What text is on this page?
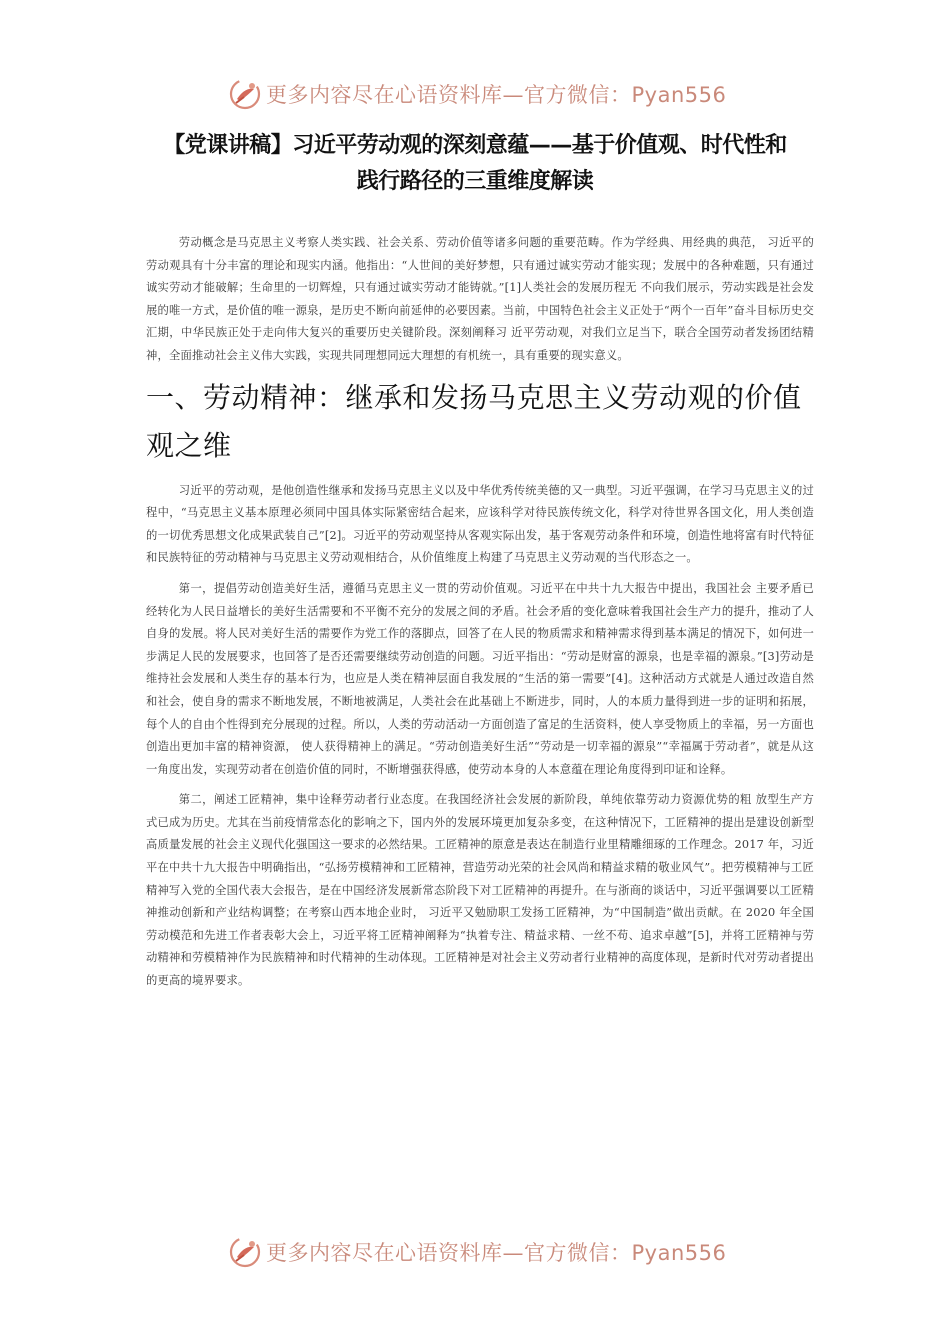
更多内容尽在心语资料库—官方微信：Pyan556
【党课讲稿】习近平劳动观的深刻意蕴——基于价值观、时代性和
践行路径的三重维度解读

劳动概念是马克思主义考察人类实践、社会关系、劳动价值等诸多问题的重要范畴。作为学经典、用经典的典范， 习近平的劳动观具有十分丰富的理论和现实内涵。他指出：“人世间的美好梦想，只有通过诚实劳动才能实现；发展中的各种难题，只有通过诚实劳动才能破解；生命里的一切辉煌，只有通过诚实劳动才能铸就。”[1]人类社会的发展历程无 不向我们展示，劳动实践是社会发展的唯一方式，是价值的唯一源泉，是历史不断向前延伸的必要因素。当前，中国特色社会主义正处于“两个一百年”奋斗目标历史交汇期，中华民族正处于走向伟大复兴的重要历史关键阶段。深刻阐释习 近平劳动观，对我们立足当下，联合全国劳动者发扬团结精神，全面推动社会主义伟大实践，实现共同理想同远大理想的有机统一，具有重要的现实意义。

一、劳动精神：继承和发扬马克思主义劳动观的价值观之维

习近平的劳动观，是他创造性继承和发扬马克思主义以及中华优秀传统美德的又一典型。习近平强调，在学习马克思主义的过程中，“马克思主义基本原理必须同中国具体实际紧密结合起来，应该科学对待民族传统文化，科学对待世界各国文化，用人类创造的一切优秀思想文化成果武装自己”[2]。习近平的劳动观坚持从客观实际出发，基于客观劳动条件和环境，创造性地将富有时代特征和民族特征的劳动精神与马克思主义劳动观相结合，从价值维度上构建了马克思主义劳动观的当代形态之一。

第一，提倡劳动创造美好生活，遵循马克思主义一贯的劳动价值观。习近平在中共十九大报告中提出，我国社会 主要矛盾已经转化为人民日益增长的美好生活需要和不平衡不充分的发展之间的矛盾。社会矛盾的变化意味着我国社会生产力的提升，推动了人自身的发展。将人民对美好生活的需要作为党工作的落脚点，回答了在人民的物质需求和精神需求得到基本满足的情况下，如何进一步满足人民的发展要求，也回答了是否还需要继续劳动创造的问题。习近平指出：“劳动是财富的源泉，也是幸福的源泉。”[3]劳动是维持社会发展和人类生存的基本行为，也应是人类在精神层面自我发展的“生活的第一需要”[4]。这种活动方式就是人通过改造自然和社会，使自身的需求不断地发展，不断地被满足，人类社会在此基础上不断进步，同时，人的本质力量得到进一步的证明和拓展，每个人的自由个性得到充分展现的过程。所以，人类的劳动活动一方面创造了富足的生活资料，使人享受物质上的幸福，另一方面也创造出更加丰富的精神资源， 使人获得精神上的满足。“劳动创造美好生活”“劳动是一切幸福的源泉”“幸福属于劳动者”，就是从这一角度出发，实现劳动者在创造价值的同时，不断增强获得感，使劳动本身的人本意蕴在理论角度得到印证和诠释。

第二，阐述工匠精神，集中诠释劳动者行业态度。在我国经济社会发展的新阶段，单纯依靠劳动力资源优势的粗 放型生产方式已成为历史。尤其在当前疫情常态化的影响之下，国内外的发展环境更加复杂多变，在这种情况下，工匠精神的提出是建设创新型高质量发展的社会主义现代化强国这一要求的必然结果。工匠精神的原意是表达在制造行业里精雕细琢的工作理念。2017 年，习近平在中共十九大报告中明确指出，“弘扬劳模精神和工匠精神，营造劳动光荣的社会风尚和精益求精的敬业风气”。把劳模精神与工匠精神写入党的全国代表大会报告，是在中国经济发展新常态阶段下对工匠精神的再提升。在与浙商的谈话中，习近平强调要以工匠精神推动创新和产业结构调整；在考察山西本地企业时， 习近平又勉励职工发扬工匠精神，为“中国制造”做出贡献。在 2020 年全国劳动模范和先进工作者表彰大会上，习近平将工匠精神阐释为“执着专注、精益求精、一丝不苟、追求卓越”[5]，并将工匠精神与劳动精神和劳模精神作为民族精神和时代精神的生动体现。工匠精神是对社会主义劳动者行业精神的高度体现，是新时代对劳动者提出的更高的境界要求。

更多内容尽在心语资料库—官方微信：Pyan556
